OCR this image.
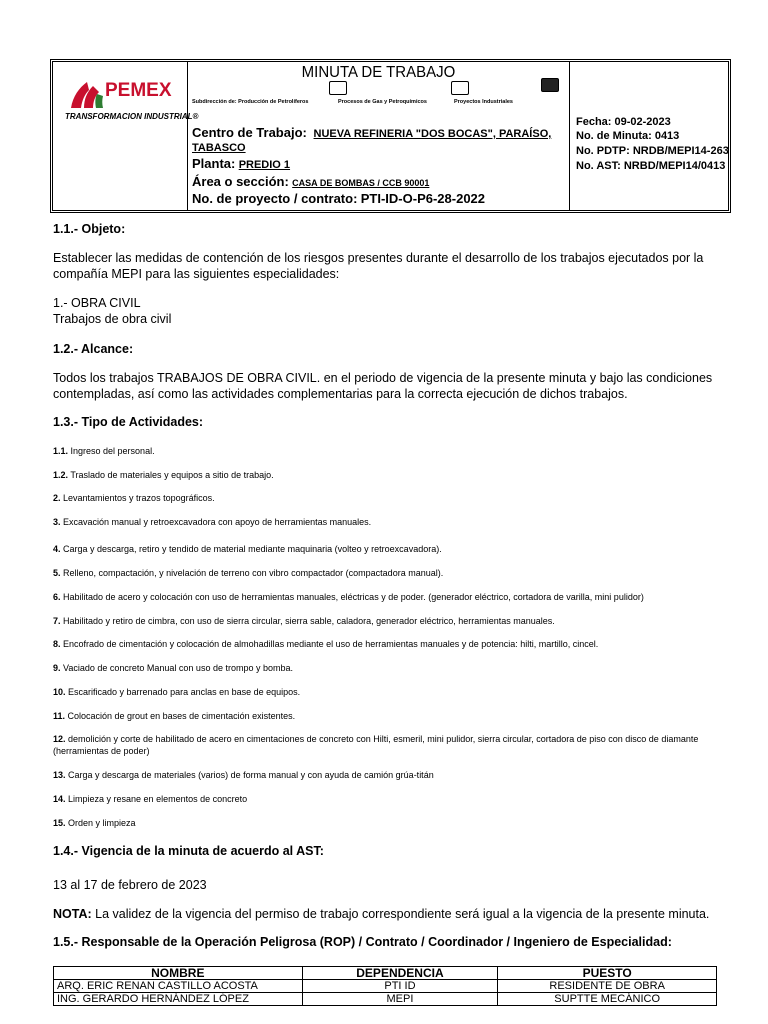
PEMEX
TRANSFORMACION INDUSTRIAL®
MINUTA DE TRABAJO
Subdirección de: Producción de Petrolíferos	Procesos de Gas y Petroquímicos	Proyectos Industriales
Centro de Trabajo: NUEVA REFINERIA "DOS BOCAS", PARAÍSO,
TABASCO
Planta: PREDIO 1
Área o sección: CASA DE BOMBAS / CCB 90001
No. de proyecto / contrato: PTI-ID-O-P6-28-2022
Fecha: 09-02-2023
No. de Minuta: 0413
No. PDTP: NRDB/MEPI14-263
No. AST: NRBD/MEPI14/0413
1.1.- Objeto:
Establecer las medidas de contención de los riesgos presentes durante el desarrollo de los trabajos ejecutados por la compañía MEPI para las siguientes especialidades:
1.- OBRA CIVIL
Trabajos de obra civil
1.2.- Alcance:
Todos los trabajos TRABAJOS DE OBRA CIVIL. en el periodo de vigencia de la presente minuta y bajo las condiciones contempladas, así como las actividades complementarias para la correcta ejecución de dichos trabajos.
1.3.- Tipo de Actividades:
1.1. Ingreso del personal.
1.2. Traslado de materiales y equipos a sitio de trabajo.
2. Levantamientos y trazos topográficos.
3. Excavación manual y retroexcavadora con apoyo de herramientas manuales.
4. Carga y descarga, retiro y tendido de material mediante maquinaria (volteo y retroexcavadora).
5. Relleno, compactación, y nivelación de terreno con vibro compactador (compactadora manual).
6. Habilitado de acero y colocación con uso de herramientas manuales, eléctricas y de poder. (generador eléctrico, cortadora de varilla, mini pulidor)
7. Habilitado y retiro de cimbra, con uso de sierra circular, sierra sable, caladora, generador eléctrico, herramientas manuales.
8. Encofrado de cimentación y colocación de almohadillas mediante el uso de herramientas manuales y de potencia: hilti, martillo, cincel.
9. Vaciado de concreto Manual con uso de trompo y bomba.
10. Escarificado y barrenado para anclas en base de equipos.
11. Colocación de grout en bases de cimentación existentes.
12. demolición y corte de habilitado de acero en cimentaciones de concreto con Hilti, esmeril, mini pulidor, sierra circular, cortadora de piso con disco de diamante (herramientas de poder)
13. Carga y descarga de materiales (varios) de forma manual y con ayuda de camión grúa-titán
14. Limpieza y resane en elementos de concreto
15. Orden y limpieza
1.4.- Vigencia de la minuta de acuerdo al AST:
13 al 17 de febrero de 2023
NOTA: La validez de la vigencia del permiso de trabajo correspondiente será igual a la vigencia de la presente minuta.
1.5.- Responsable de la Operación Peligrosa (ROP) / Contrato / Coordinador / Ingeniero de Especialidad:
NOMBRE	DEPENDENCIA	PUESTO
ARQ. ERIC RENAN CASTILLO ACOSTA	PTI ID	RESIDENTE DE OBRA
ING. GERARDO HERNÁNDEZ LÓPEZ	MEPI	SUPTTE MECÁNICO
